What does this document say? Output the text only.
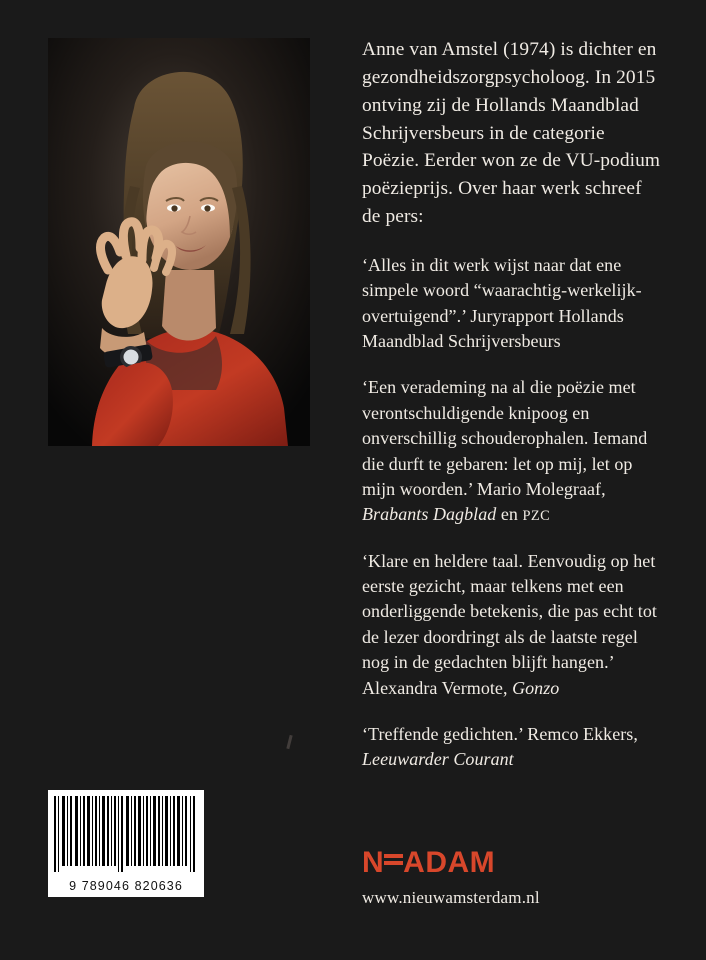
Anne van Amstel (1974) is dichter en gezondheidszorgpsycholoog. In 2015 ontving zij de Hollands Maandblad Schrijversbeurs in de categorie Poëzie. Eerder won ze de VU-podium poëzieprijs. Over haar werk schreef de pers:

‘Alles in dit werk wijst naar dat ene simpele woord “waarachtig-werkelijk-overtuigend”.’ Juryrapport Hollands Maandblad Schrijversbeurs

‘Een verademing na al die poëzie met verontschuldigende knipoog en onverschillig schouderophalen. Iemand die durft te gebaren: let op mij, let op mijn woorden.’ Mario Molegraaf, Brabants Dagblad en PZC

‘Klare en heldere taal. Eenvoudig op het eerste gezicht, maar telkens met een onderliggende betekenis, die pas echt tot de lezer doordringt als de laatste regel nog in de gedachten blijft hangen.’ Alexandra Vermote, Gonzo

‘Treffende gedichten.’ Remco Ekkers, Leeuwarder Courant

9 789046 820636
N ADAM
www.nieuwamsterdam.nl
